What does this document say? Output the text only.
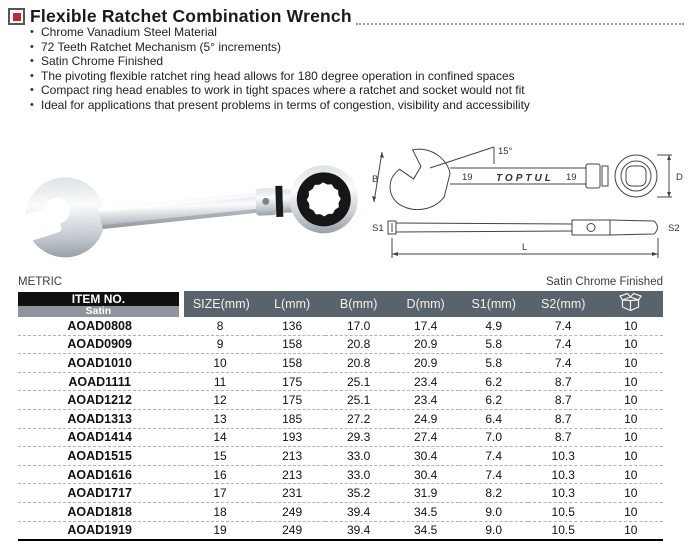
Flexible Ratchet Combination Wrench
• Chrome Vanadium Steel Material
• 72 Teeth Ratchet Mechanism (5° increments)
• Satin Chrome Finished
• The pivoting flexible ratchet ring head allows for 180 degree operation in confined spaces
• Compact ring head enables to work in tight spaces where a ratchet and socket would not fit
• Ideal for applications that present problems in terms of congestion, visibility and accessibility
B
15°
19 TOPTUL 19	D
S1	S2
L
METRIC	Satin Chrome Finished
ITEM NO.
Satin	SIZE(mm)	L(mm)	B(mm)	D(mm)	S1(mm)	S2(mm)	
AOAD0808	8	136	17.0	17.4	4.9	7.4	10
AOAD0909	9	158	20.8	20.9	5.8	7.4	10
AOAD1010	10	158	20.8	20.9	5.8	7.4	10
AOAD1111	11	175	25.1	23.4	6.2	8.7	10
AOAD1212	12	175	25.1	23.4	6.2	8.7	10
AOAD1313	13	185	27.2	24.9	6.4	8.7	10
AOAD1414	14	193	29.3	27.4	7.0	8.7	10
AOAD1515	15	213	33.0	30.4	7.4	10.3	10
AOAD1616	16	213	33.0	30.4	7.4	10.3	10
AOAD1717	17	231	35.2	31.9	8.2	10.3	10
AOAD1818	18	249	39.4	34.5	9.0	10.5	10
AOAD1919	19	249	39.4	34.5	9.0	10.5	10
